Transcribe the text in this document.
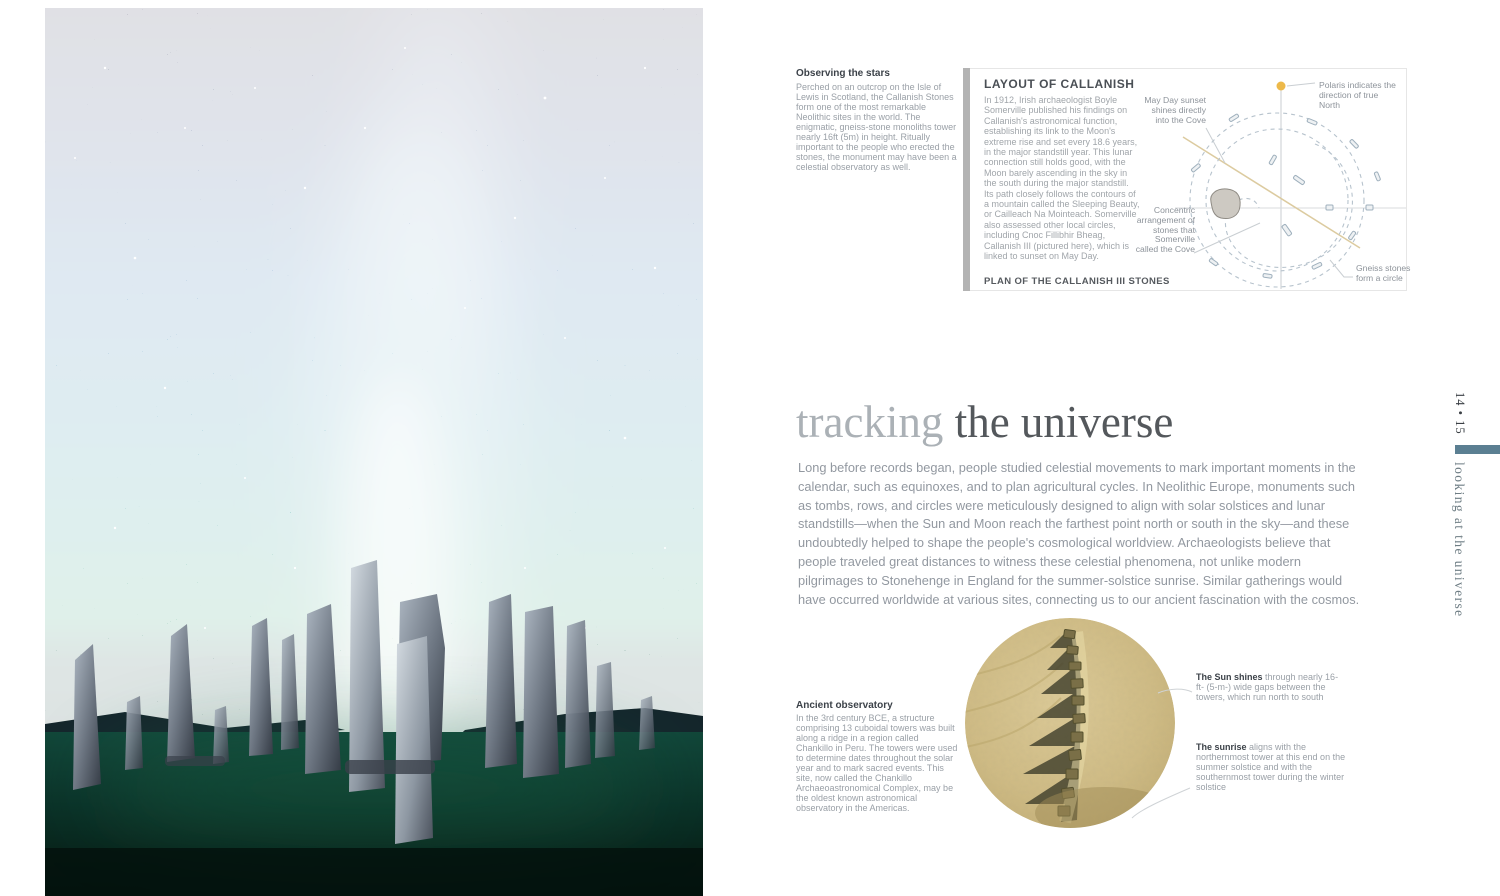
Observing the stars
Perched on an outcrop on the Isle of Lewis in Scotland, the Callanish Stones form one of the most remarkable Neolithic sites in the world. The enigmatic, gneiss-stone monoliths tower nearly 16ft (5m) in height. Ritually important to the people who erected the stones, the monument may have been a celestial observatory as well.
LAYOUT OF CALLANISH
In 1912, Irish archaeologist Boyle Somerville published his findings on Callanish's astronomical function, establishing its link to the Moon's extreme rise and set every 18.6 years, in the major standstill year. This lunar connection still holds good, with the Moon barely ascending in the sky in the south during the major standstill. Its path closely follows the contours of a mountain called the Sleeping Beauty, or Cailleach Na Mointeach. Somerville also assessed other local circles, including Cnoc Fillibhir Bheag, Callanish III (pictured here), which is linked to sunset on May Day.
PLAN OF THE CALLANISH III STONES
May Day sunset shines directly into the Cove
Polaris indicates the direction of true North
Concentric arrangement of stones that Somerville called the Cove
Gneiss stones form a circle
tracking the universe
Long before records began, people studied celestial movements to mark important moments in the calendar, such as equinoxes, and to plan agricultural cycles. In Neolithic Europe, monuments such as tombs, rows, and circles were meticulously designed to align with solar solstices and lunar standstills—when the Sun and Moon reach the farthest point north or south in the sky—and these undoubtedly helped to shape the people's cosmological worldview. Archaeologists believe that people traveled great distances to witness these celestial phenomena, not unlike modern pilgrimages to Stonehenge in England for the summer-solstice sunrise. Similar gatherings would have occurred worldwide at various sites, connecting us to our ancient fascination with the cosmos.
14 • 15
looking at the universe
Ancient observatory
In the 3rd century BCE, a structure comprising 13 cuboidal towers was built along a ridge in a region called Chankillo in Peru. The towers were used to determine dates throughout the solar year and to mark sacred events. This site, now called the Chankillo Archaeoastronomical Complex, may be the oldest known astronomical observatory in the Americas.
The Sun shines through nearly 16-ft- (5-m-) wide gaps between the towers, which run north to south
The sunrise aligns with the northernmost tower at this end on the summer solstice and with the southernmost tower during the winter solstice
